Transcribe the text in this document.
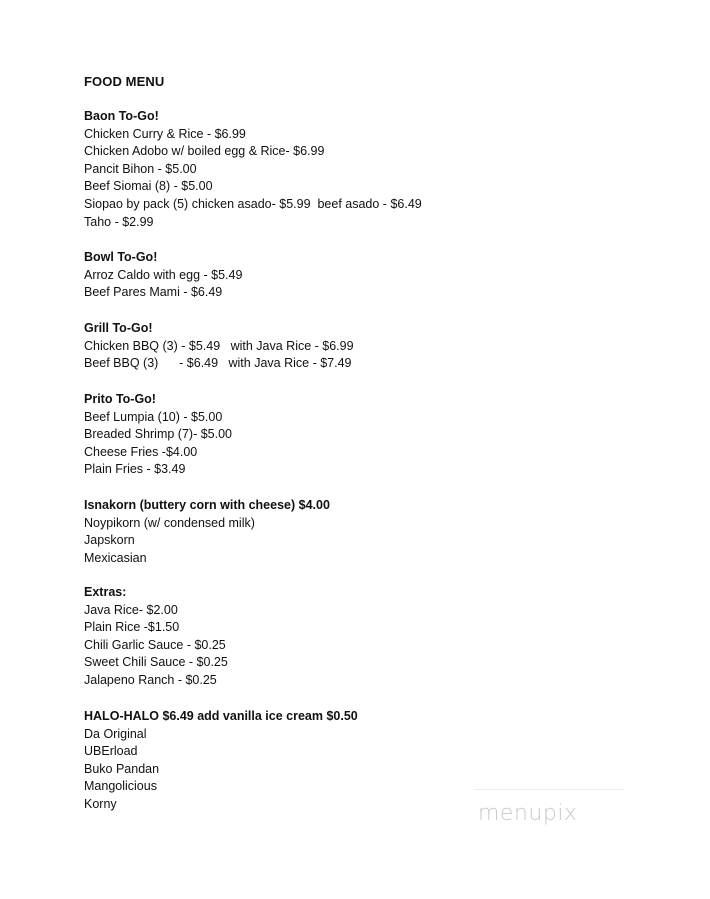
FOOD MENU
Baon To-Go!
Chicken Curry & Rice - $6.99
Chicken Adobo w/ boiled egg & Rice- $6.99
Pancit Bihon - $5.00
Beef Siomai (8) - $5.00
Siopao by pack (5) chicken asado- $5.99  beef asado - $6.49
Taho - $2.99
Bowl To-Go!
Arroz Caldo with egg - $5.49
Beef Pares Mami - $6.49
Grill To-Go!
Chicken BBQ (3) - $5.49   with Java Rice - $6.99
Beef BBQ (3)      - $6.49   with Java Rice - $7.49
Prito To-Go!
Beef Lumpia (10) - $5.00
Breaded Shrimp (7)- $5.00
Cheese Fries -$4.00
Plain Fries - $3.49
Isnakorn (buttery corn with cheese) $4.00
Noypikorn (w/ condensed milk)
Japskorn
Mexicasian
Extras:
Java Rice- $2.00
Plain Rice -$1.50
Chili Garlic Sauce - $0.25
Sweet Chili Sauce - $0.25
Jalapeno Ranch - $0.25
HALO-HALO $6.49 add vanilla ice cream $0.50
Da Original
UBErload
Buko Pandan
Mangolicious
Korny	menupix
